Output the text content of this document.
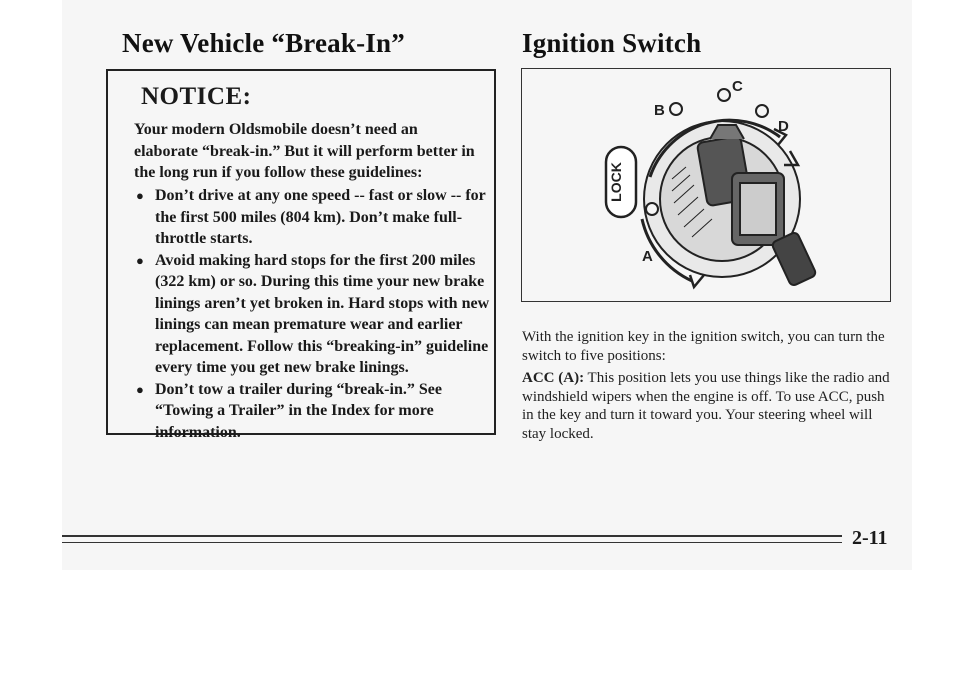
New Vehicle “Break-In”	Ignition Switch
NOTICE:
Your modern Oldsmobile doesn’t need an elaborate “break-in.” But it will perform better in the long run if you follow these guidelines:
● Don’t drive at any one speed -- fast or slow -- for the first 500 miles (804 km). Don’t make full-throttle starts.
● Avoid making hard stops for the first 200 miles (322 km) or so. During this time your new brake linings aren’t yet broken in. Hard stops with new linings can mean premature wear and earlier replacement. Follow this “breaking-in” guideline every time you get new brake linings.
● Don’t tow a trailer during “break-in.” See “Towing a Trailer” in the Index for more information.
LOCK
A
B
C
D
With the ignition key in the ignition switch, you can turn the switch to five positions:
ACC (A): This position lets you use things like the radio and windshield wipers when the engine is off. To use ACC, push in the key and turn it toward you. Your steering wheel will stay locked.
2-11
